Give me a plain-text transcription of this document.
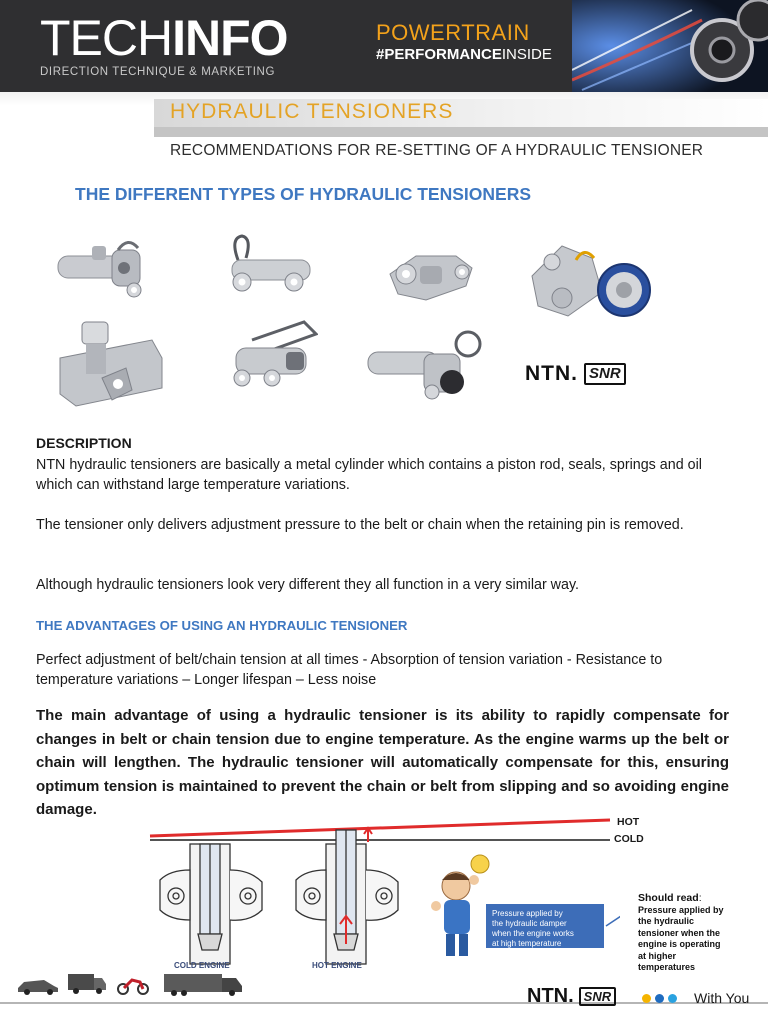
TECHINFO
DIRECTION TECHNIQUE & MARKETING
POWERTRAIN
#PERFORMANCEINSIDE
HYDRAULIC TENSIONERS
RECOMMENDATIONS FOR RE-SETTING OF A HYDRAULIC TENSIONER
THE DIFFERENT TYPES OF HYDRAULIC TENSIONERS
NTN. SNR
DESCRIPTION
NTN hydraulic tensioners are basically a metal cylinder which contains a piston rod, seals, springs and oil which can withstand large temperature variations.
The tensioner only delivers adjustment pressure to the belt or chain when the retaining pin is removed.
Although hydraulic tensioners look very different they all function in a very similar way.
THE ADVANTAGES OF USING AN HYDRAULIC TENSIONER
Perfect adjustment of belt/chain tension at all times - Absorption of tension variation - Resistance to temperature variations – Longer lifespan – Less noise
The main advantage of using a hydraulic tensioner is its ability to rapidly compensate for changes in belt or chain tension due to engine temperature. As the engine warms up the belt or chain will lengthen. The hydraulic tensioner will automatically compensate for this, ensuring optimum tension is maintained to prevent the chain or belt from slipping and so avoiding engine damage.
COLD ENGINE	HOT ENGINE
Pressure applied by the hydraulic damper when the engine works at high temperature
HOT
COLD
Should read:
Pressure applied by
the hydraulic
tensioner when the
engine is operating
at higher
temperatures
NTN. SNR	With You
